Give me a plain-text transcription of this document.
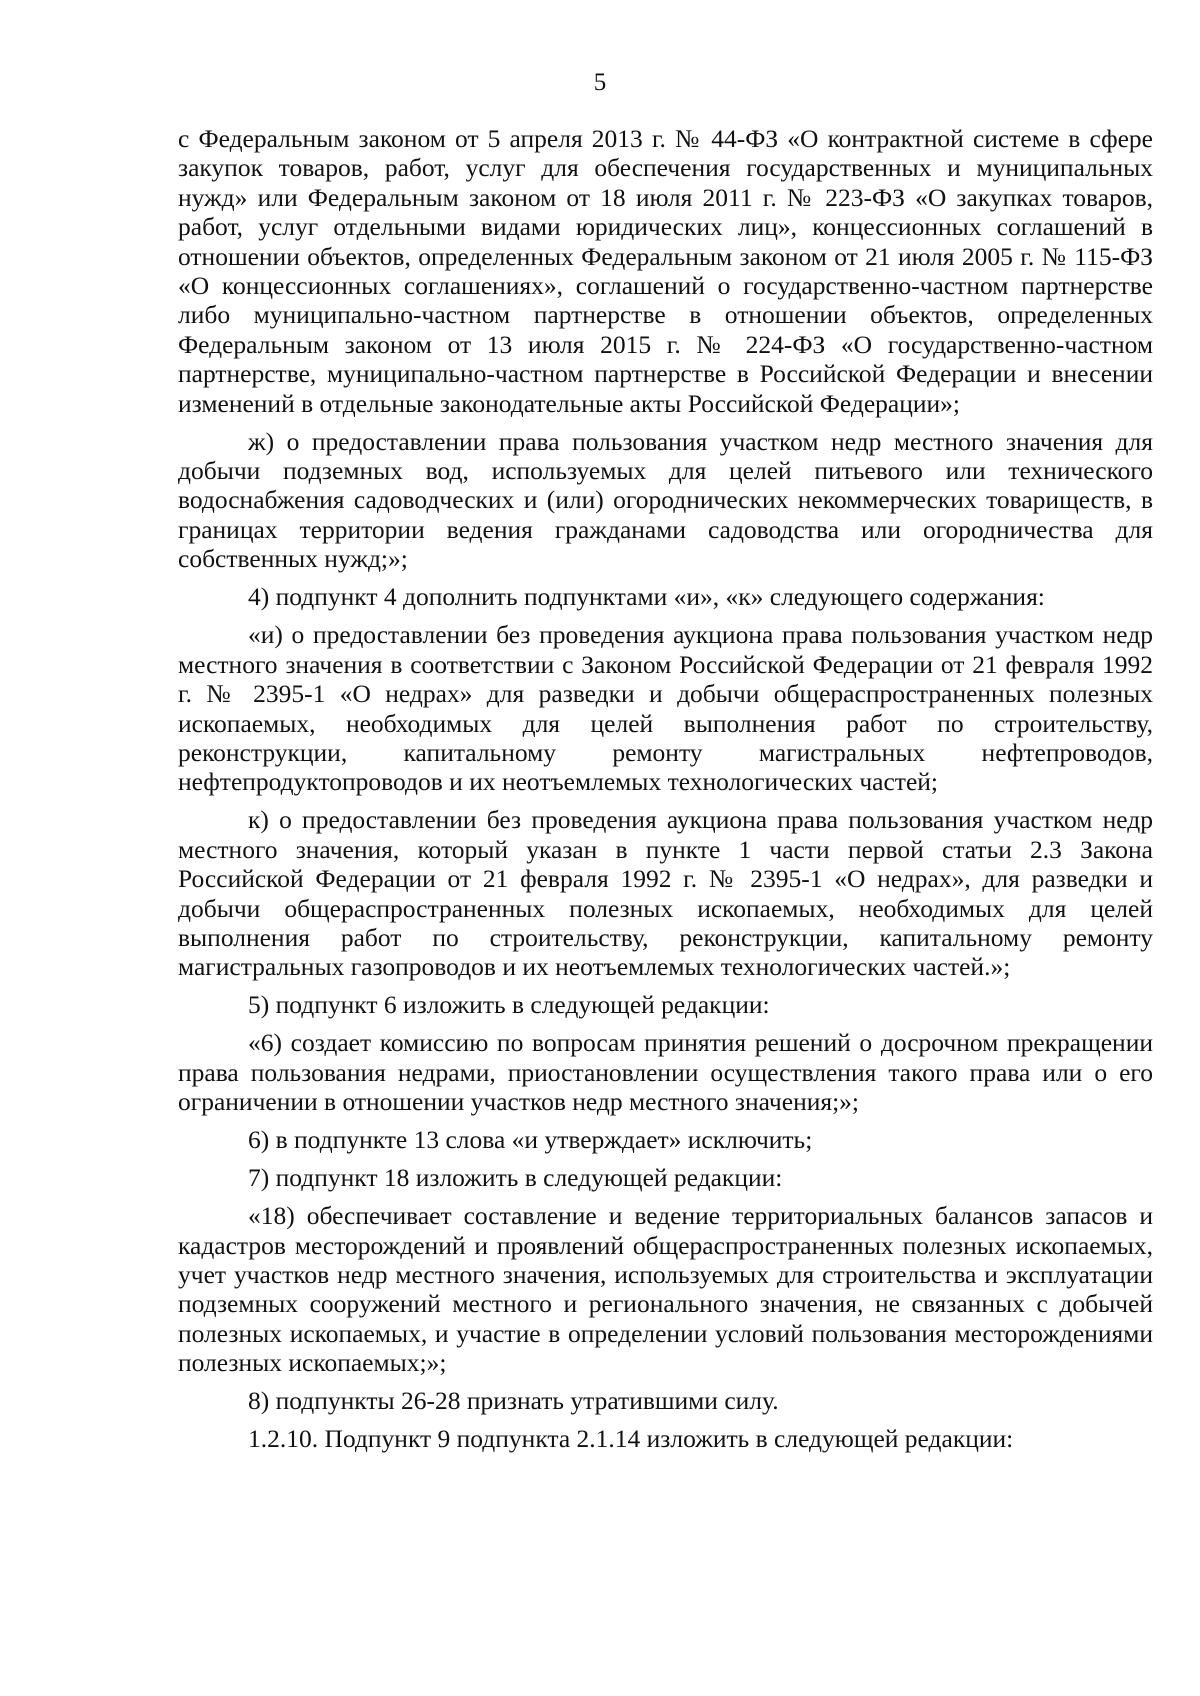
5

с Федеральным законом от 5 апреля 2013 г. № 44-ФЗ «О контрактной системе в сфере закупок товаров, работ, услуг для обеспечения государственных и муниципальных нужд» или Федеральным законом от 18 июля 2011 г. № 223-ФЗ «О закупках товаров, работ, услуг отдельными видами юридических лиц», концессионных соглашений в отношении объектов, определенных Федеральным законом от 21 июля 2005 г. № 115-ФЗ «О концессионных соглашениях», соглашений о государственно-частном партнерстве либо муниципально-частном партнерстве в отношении объектов, определенных Федеральным законом от 13 июля 2015 г. № 224-ФЗ «О государственно-частном партнерстве, муниципально-частном партнерстве в Российской Федерации и внесении изменений в отдельные законодательные акты Российской Федерации»;

ж) о предоставлении права пользования участком недр местного значения для добычи подземных вод, используемых для целей питьевого или технического водоснабжения садоводческих и (или) огороднических некоммерческих товариществ, в границах территории ведения гражданами садоводства или огородничества для собственных нужд;»;

4) подпункт 4 дополнить подпунктами «и», «к» следующего содержания:

«и) о предоставлении без проведения аукциона права пользования участком недр местного значения в соответствии с Законом Российской Федерации от 21 февраля 1992 г. № 2395-1 «О недрах» для разведки и добычи общераспространенных полезных ископаемых, необходимых для целей выполнения работ по строительству, реконструкции, капитальному ремонту магистральных нефтепроводов, нефтепродуктопроводов и их неотъемлемых технологических частей;

к) о предоставлении без проведения аукциона права пользования участком недр местного значения, который указан в пункте 1 части первой статьи 2.3 Закона Российской Федерации от 21 февраля 1992 г. № 2395-1 «О недрах», для разведки и добычи общераспространенных полезных ископаемых, необходимых для целей выполнения работ по строительству, реконструкции, капитальному ремонту магистральных газопроводов и их неотъемлемых технологических частей.»;

5) подпункт 6 изложить в следующей редакции:

«6) создает комиссию по вопросам принятия решений о досрочном прекращении права пользования недрами, приостановлении осуществления такого права или о его ограничении в отношении участков недр местного значения;»;

6) в подпункте 13 слова «и утверждает» исключить;

7) подпункт 18 изложить в следующей редакции:

«18) обеспечивает составление и ведение территориальных балансов запасов и кадастров месторождений и проявлений общераспространенных полезных ископаемых, учет участков недр местного значения, используемых для строительства и эксплуатации подземных сооружений местного и регионального значения, не связанных с добычей полезных ископаемых, и участие в определении условий пользования месторождениями полезных ископаемых;»;

8) подпункты 26-28 признать утратившими силу.

1.2.10. Подпункт 9 подпункта 2.1.14 изложить в следующей редакции:
